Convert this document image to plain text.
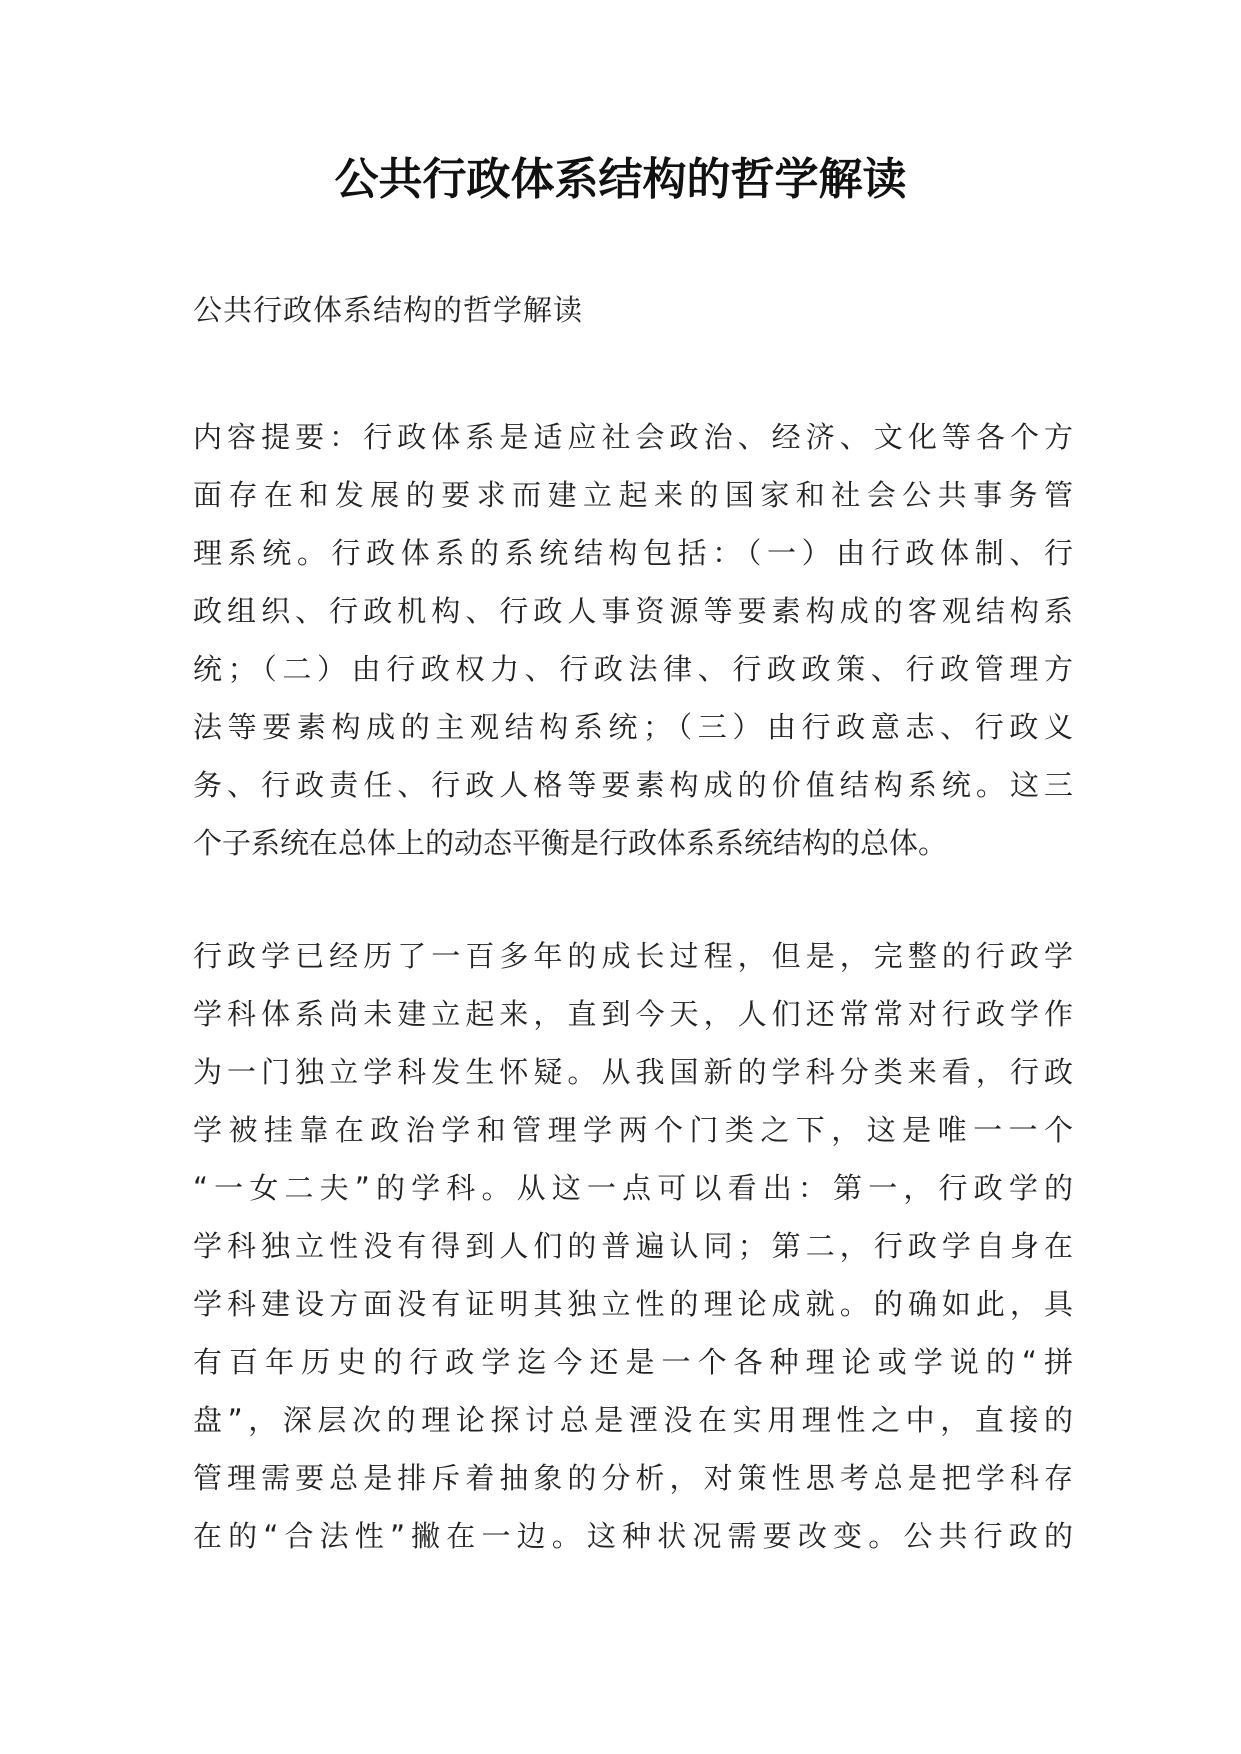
公共行政体系结构的哲学解读

公共行政体系结构的哲学解读

内容提要：行政体系是适应社会政治、经济、文化等各个方
面存在和发展的要求而建立起来的国家和社会公共事务管
理系统。行政体系的系统结构包括：（一）由行政体制、行
政组织、行政机构、行政人事资源等要素构成的客观结构系
统；（二）由行政权力、行政法律、行政政策、行政管理方
法等要素构成的主观结构系统；（三）由行政意志、行政义
务、行政责任、行政人格等要素构成的价值结构系统。这三
个子系统在总体上的动态平衡是行政体系系统结构的总体。
行政学已经历了一百多年的成长过程，但是，完整的行政学
学科体系尚未建立起来，直到今天，人们还常常对行政学作
为一门独立学科发生怀疑。从我国新的学科分类来看，行政
学被挂靠在政治学和管理学两个门类之下，这是唯一一个
“一女二夫”的学科。从这一点可以看出：第一，行政学的
学科独立性没有得到人们的普遍认同；第二，行政学自身在
学科建设方面没有证明其独立性的理论成就。的确如此，具
有百年历史的行政学迄今还是一个各种理论或学说的“拼
盘”，深层次的理论探讨总是湮没在实用理性之中，直接的
管理需要总是排斥着抽象的分析，对策性思考总是把学科存
在的“合法性”撇在一边。这种状况需要改变。公共行政的
